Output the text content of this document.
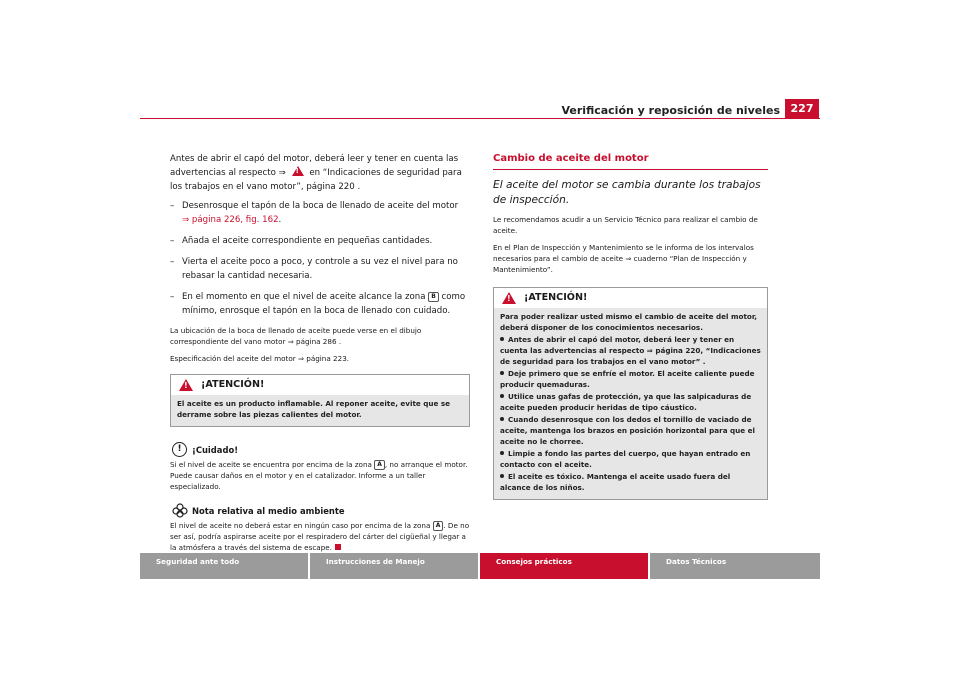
Verificación y reposición de niveles 227

Antes de abrir el capó del motor, deberá leer y tener en cuenta las advertencias al respecto ⇒ !	en “Indicaciones de seguridad para los trabajos en el vano motor”, página 220 .

– Desenrosque el tapón de la boca de llenado de aceite del motor
⇒ página 226, fig. 162.
– Añada el aceite correspondiente en pequeñas cantidades.
– Vierta el aceite poco a poco, y controle a su vez el nivel para no rebasar la cantidad necesaria.
– En el momento en que el nivel de aceite alcance la zona B como mínimo, enrosque el tapón en la boca de llenado con cuidado.

La ubicación de la boca de llenado de aceite puede verse en el dibujo correspondiente del vano motor ⇒ página 286 .

Especificación del aceite del motor ⇒ página 223.

!
¡ATENCIÓN!

El aceite es un producto inflamable. Al reponer aceite, evite que se derrame sobre las piezas calientes del motor.

!	¡Cuidado!

Si el nivel de aceite se encuentra por encima de la zona A , no arranque el motor. Puede causar daños en el motor y en el catalizador. Informe a un taller especializado.

Nota relativa al medio ambiente

El nivel de aceite no deberá estar en ningún caso por encima de la zona A . De no ser así, podría aspirarse aceite por el respiradero del cárter del cigüeñal y llegar a la atmósfera a través del sistema de escape.

Cambio de aceite del motor

El aceite del motor se cambia durante los trabajos de inspección.

Le recomendamos acudir a un Servicio Técnico para realizar el cambio de aceite.

En el Plan de Inspección y Mantenimiento se le informa de los intervalos necesarios para el cambio de aceite ⇒ cuaderno “Plan de Inspección y Mantenimiento”.

!
¡ATENCIÓN!

Para poder realizar usted mismo el cambio de aceite del motor, deberá disponer de los conocimientos necesarios.

Antes de abrir el capó del motor, deberá leer y tener en cuenta las advertencias al respecto ⇒ página 220, “Indicaciones de seguridad para los trabajos en el vano motor” .

Deje primero que se enfríe el motor. El aceite caliente puede producir quemaduras.

Utilice unas gafas de protección, ya que las salpicaduras de aceite pueden producir heridas de tipo cáustico.

Cuando desenrosque con los dedos el tornillo de vaciado de aceite, mantenga los brazos en posición horizontal para que el aceite no le chorree.

Limpie a fondo las partes del cuerpo, que hayan entrado en contacto con el aceite.

El aceite es tóxico. Mantenga el aceite usado fuera del alcance de los niños.

Seguridad ante todo	Instrucciones de Manejo	Consejos prácticos	Datos Técnicos
